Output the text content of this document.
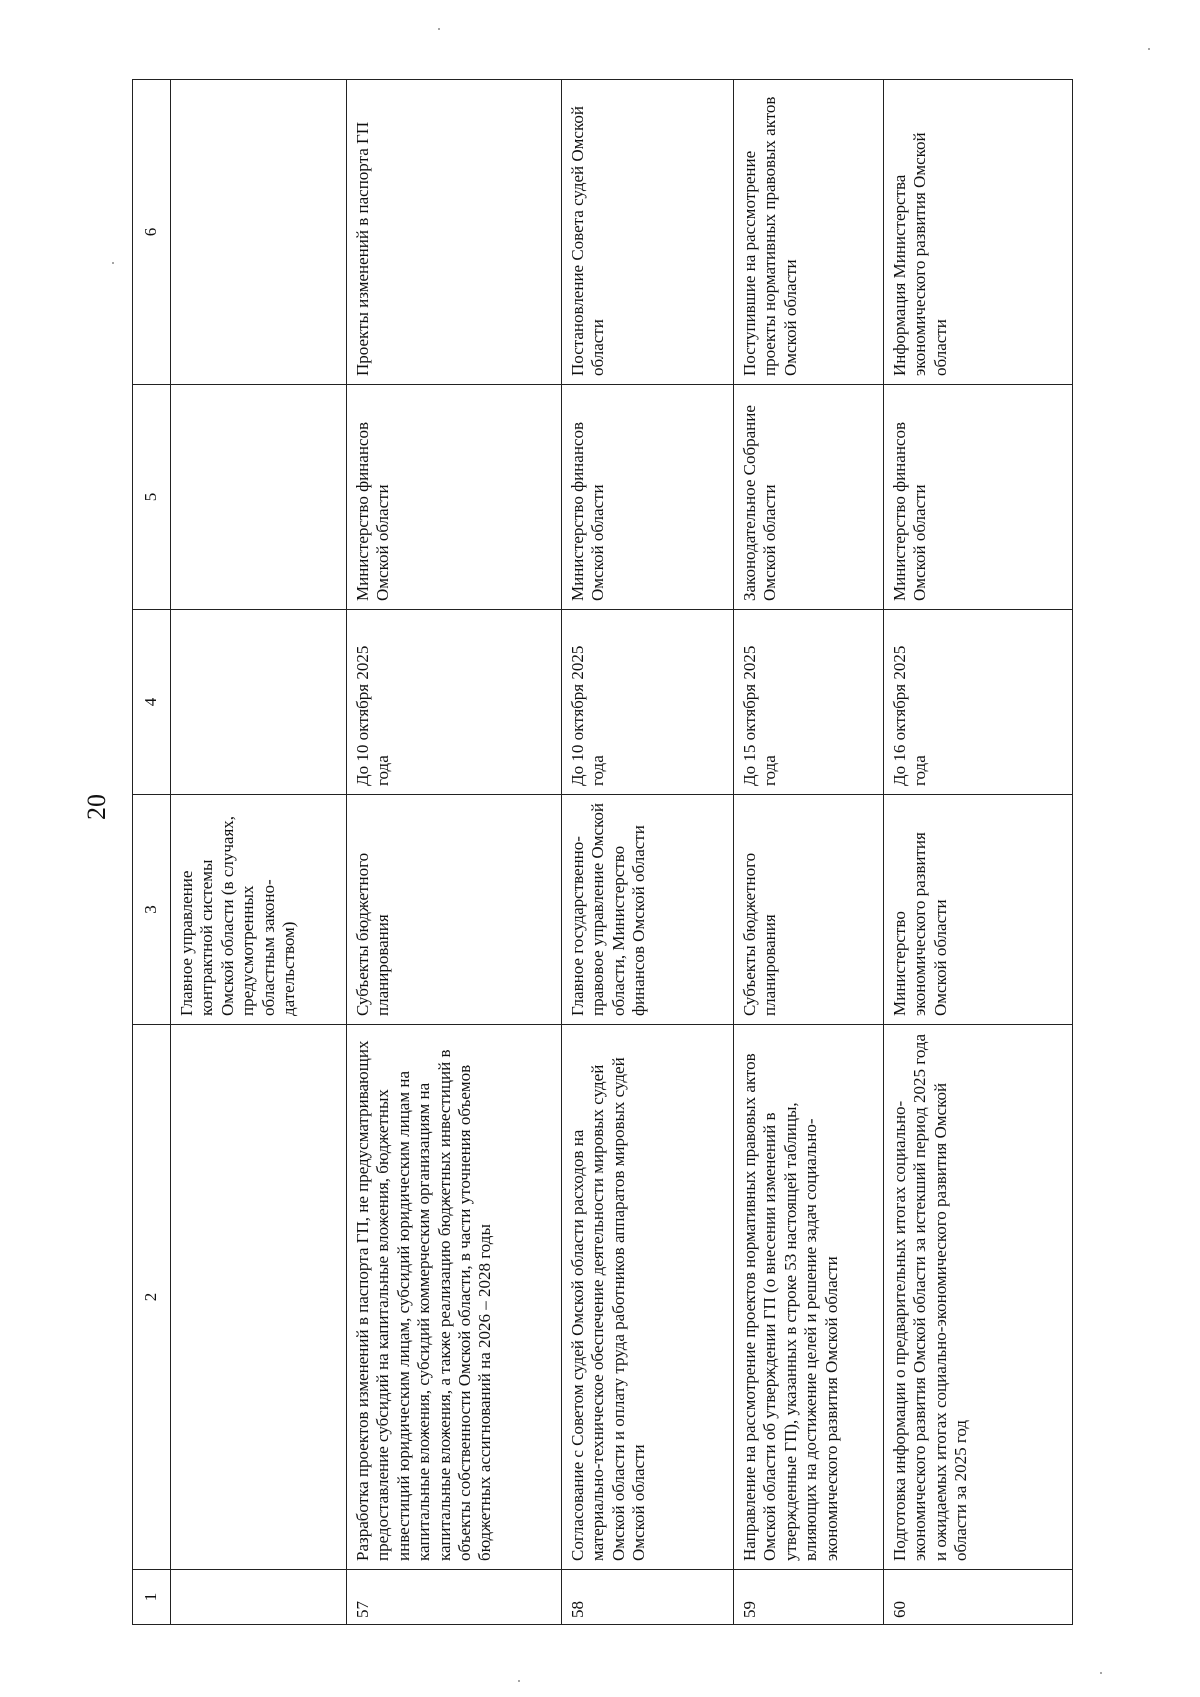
20
1	2	3	4	5	6
		Главное управление контрактной системы Омской области (в случаях, предусмотренных областным законо-дательством)			
57	Разработка проектов изменений в паспорта ГП, не предусматривающих предоставление субсидий на капитальные вложения, бюджетных инвестиций юридическим лицам, субсидий юридическим лицам на капитальные вложения, субсидий коммерческим организациям на капитальные вложения, а также реализацию бюджетных инвестиций в объекты собственности Омской области, в части уточнения объемов бюджетных ассигнований на 2026 – 2028 годы	Субъекты бюджетного планирования	До 10 октября 2025 года	Министерство финансов Омской области	Проекты изменений в паспорта ГП
58	Согласование с Советом судей Омской области расходов на материально-техническое обеспечение деятельности мировых судей Омской области и оплату труда работников аппаратов мировых судей Омской области	Главное государственно-правовое управление Омской области, Министерство финансов Омской области	До 10 октября 2025 года	Министерство финансов Омской области	Постановление Совета судей Омской области
59	Направление на рассмотрение проектов нормативных правовых актов Омской области об утверждении ГП (о внесении изменений в утвержденные ГП), указанных в строке 53 настоящей таблицы, влияющих на достижение целей и решение задач социально-экономического развития Омской области	Субъекты бюджетного планирования	До 15 октября 2025 года	Законодательное Собрание Омской области	Поступившие на рассмотрение проекты нормативных правовых актов Омской области
60	Подготовка информации о предварительных итогах социально-экономического развития Омской области за истекший период 2025 года и ожидаемых итогах социально-экономического развития Омской области за 2025 год	Министерство экономического развития Омской области	До 16 октября 2025 года	Министерство финансов Омской области	Информация Министерства экономического развития Омской области
